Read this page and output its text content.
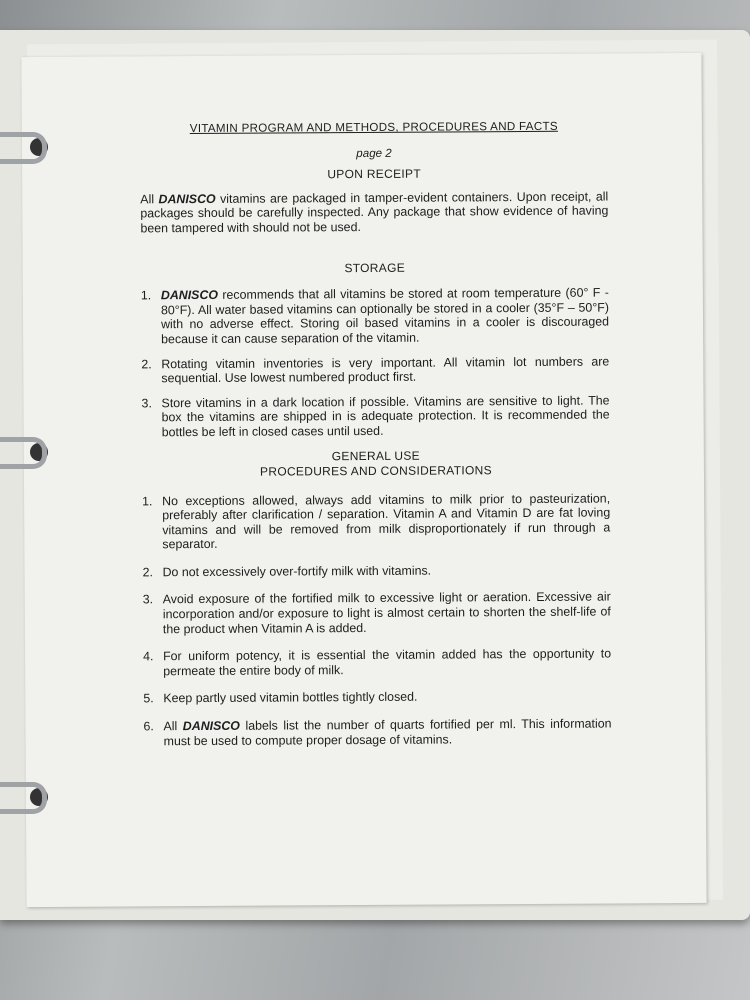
VITAMIN PROGRAM AND METHODS, PROCEDURES AND FACTS
page 2
UPON RECEIPT

All DANISCO vitamins are packaged in tamper-evident containers. Upon receipt, all packages should be carefully inspected. Any package that show evidence of having been tampered with should not be used.

STORAGE
1. DANISCO recommends that all vitamins be stored at room temperature (60° F - 80°F). All water based vitamins can optionally be stored in a cooler (35°F – 50°F) with no adverse effect. Storing oil based vitamins in a cooler is discouraged because it can cause separation of the vitamin.
2. Rotating vitamin inventories is very important. All vitamin lot numbers are sequential. Use lowest numbered product first.
3. Store vitamins in a dark location if possible. Vitamins are sensitive to light. The box the vitamins are shipped in is adequate protection. It is recommended the bottles be left in closed cases until used.
GENERAL USE
PROCEDURES AND CONSIDERATIONS
1. No exceptions allowed, always add vitamins to milk prior to pasteurization, preferably after clarification / separation. Vitamin A and Vitamin D are fat loving vitamins and will be removed from milk disproportionately if run through a separator.
2. Do not excessively over-fortify milk with vitamins.
3. Avoid exposure of the fortified milk to excessive light or aeration. Excessive air incorporation and/or exposure to light is almost certain to shorten the shelf-life of the product when Vitamin A is added.
4. For uniform potency, it is essential the vitamin added has the opportunity to permeate the entire body of milk.
5. Keep partly used vitamin bottles tightly closed.
6. All DANISCO labels list the number of quarts fortified per ml. This information must be used to compute proper dosage of vitamins.
